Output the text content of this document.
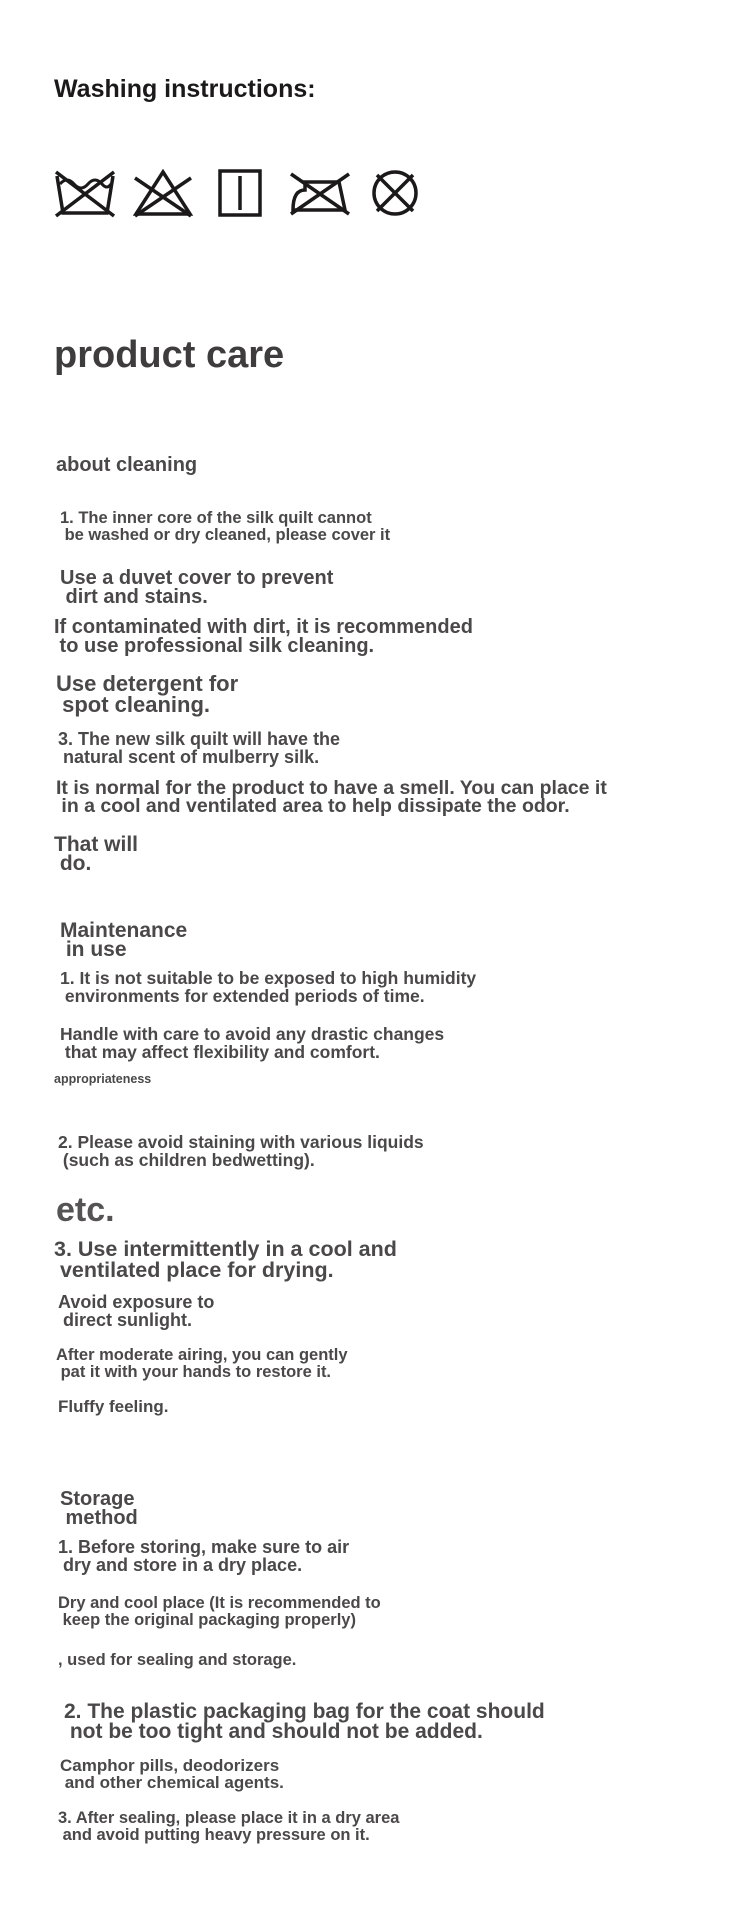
Washing instructions:
product care
about cleaning
1. The inner core of the silk quilt cannot
be washed or dry cleaned, please cover it
Use a duvet cover to prevent
dirt and stains.
If contaminated with dirt, it is recommended
to use professional silk cleaning.
Use detergent for
spot cleaning.
3. The new silk quilt will have the
natural scent of mulberry silk.
It is normal for the product to have a smell. You can place it
in a cool and ventilated area to help dissipate the odor.
That will
do.
Maintenance
in use
1. It is not suitable to be exposed to high humidity
environments for extended periods of time.
Handle with care to avoid any drastic changes
that may affect flexibility and comfort.
appropriateness
2. Please avoid staining with various liquids
(such as children bedwetting).
etc.
3. Use intermittently in a cool and
ventilated place for drying.
Avoid exposure to
direct sunlight.
After moderate airing, you can gently
pat it with your hands to restore it.
Fluffy feeling.
Storage
method
1. Before storing, make sure to air
dry and store in a dry place.
Dry and cool place (It is recommended to
keep the original packaging properly)
, used for sealing and storage.
2. The plastic packaging bag for the coat should
not be too tight and should not be added.
Camphor pills, deodorizers
and other chemical agents.
3. After sealing, please place it in a dry area
and avoid putting heavy pressure on it.
